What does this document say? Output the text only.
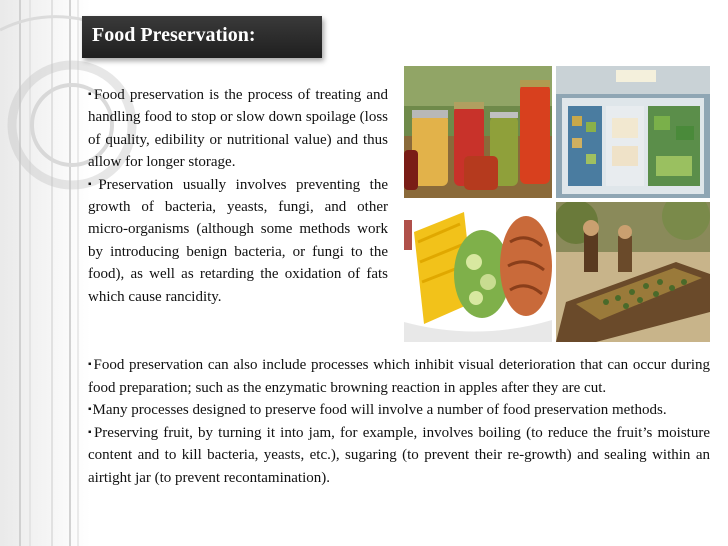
Food Preservation:

▪Food preservation is the process of treating and handling food to stop or slow down spoilage (loss of quality, edibility or nutritional value) and thus allow for longer storage.

▪Preservation usually involves preventing the growth of bacteria, yeasts, fungi, and other micro-organisms (although some methods work by introducing benign bacteria, or fungi to the food), as well as retarding the oxidation of fats which cause rancidity.

▪Food preservation can also include processes which inhibit visual deterioration that can occur during food preparation; such as the enzymatic browning reaction in apples after they are cut.

▪Many processes designed to preserve food will involve a number of food preservation methods.

▪Preserving fruit, by turning it into jam, for example, involves boiling (to reduce the fruit’s moisture content and to kill bacteria, yeasts, etc.), sugaring (to prevent their re-growth) and sealing within an airtight jar (to prevent recontamination).
